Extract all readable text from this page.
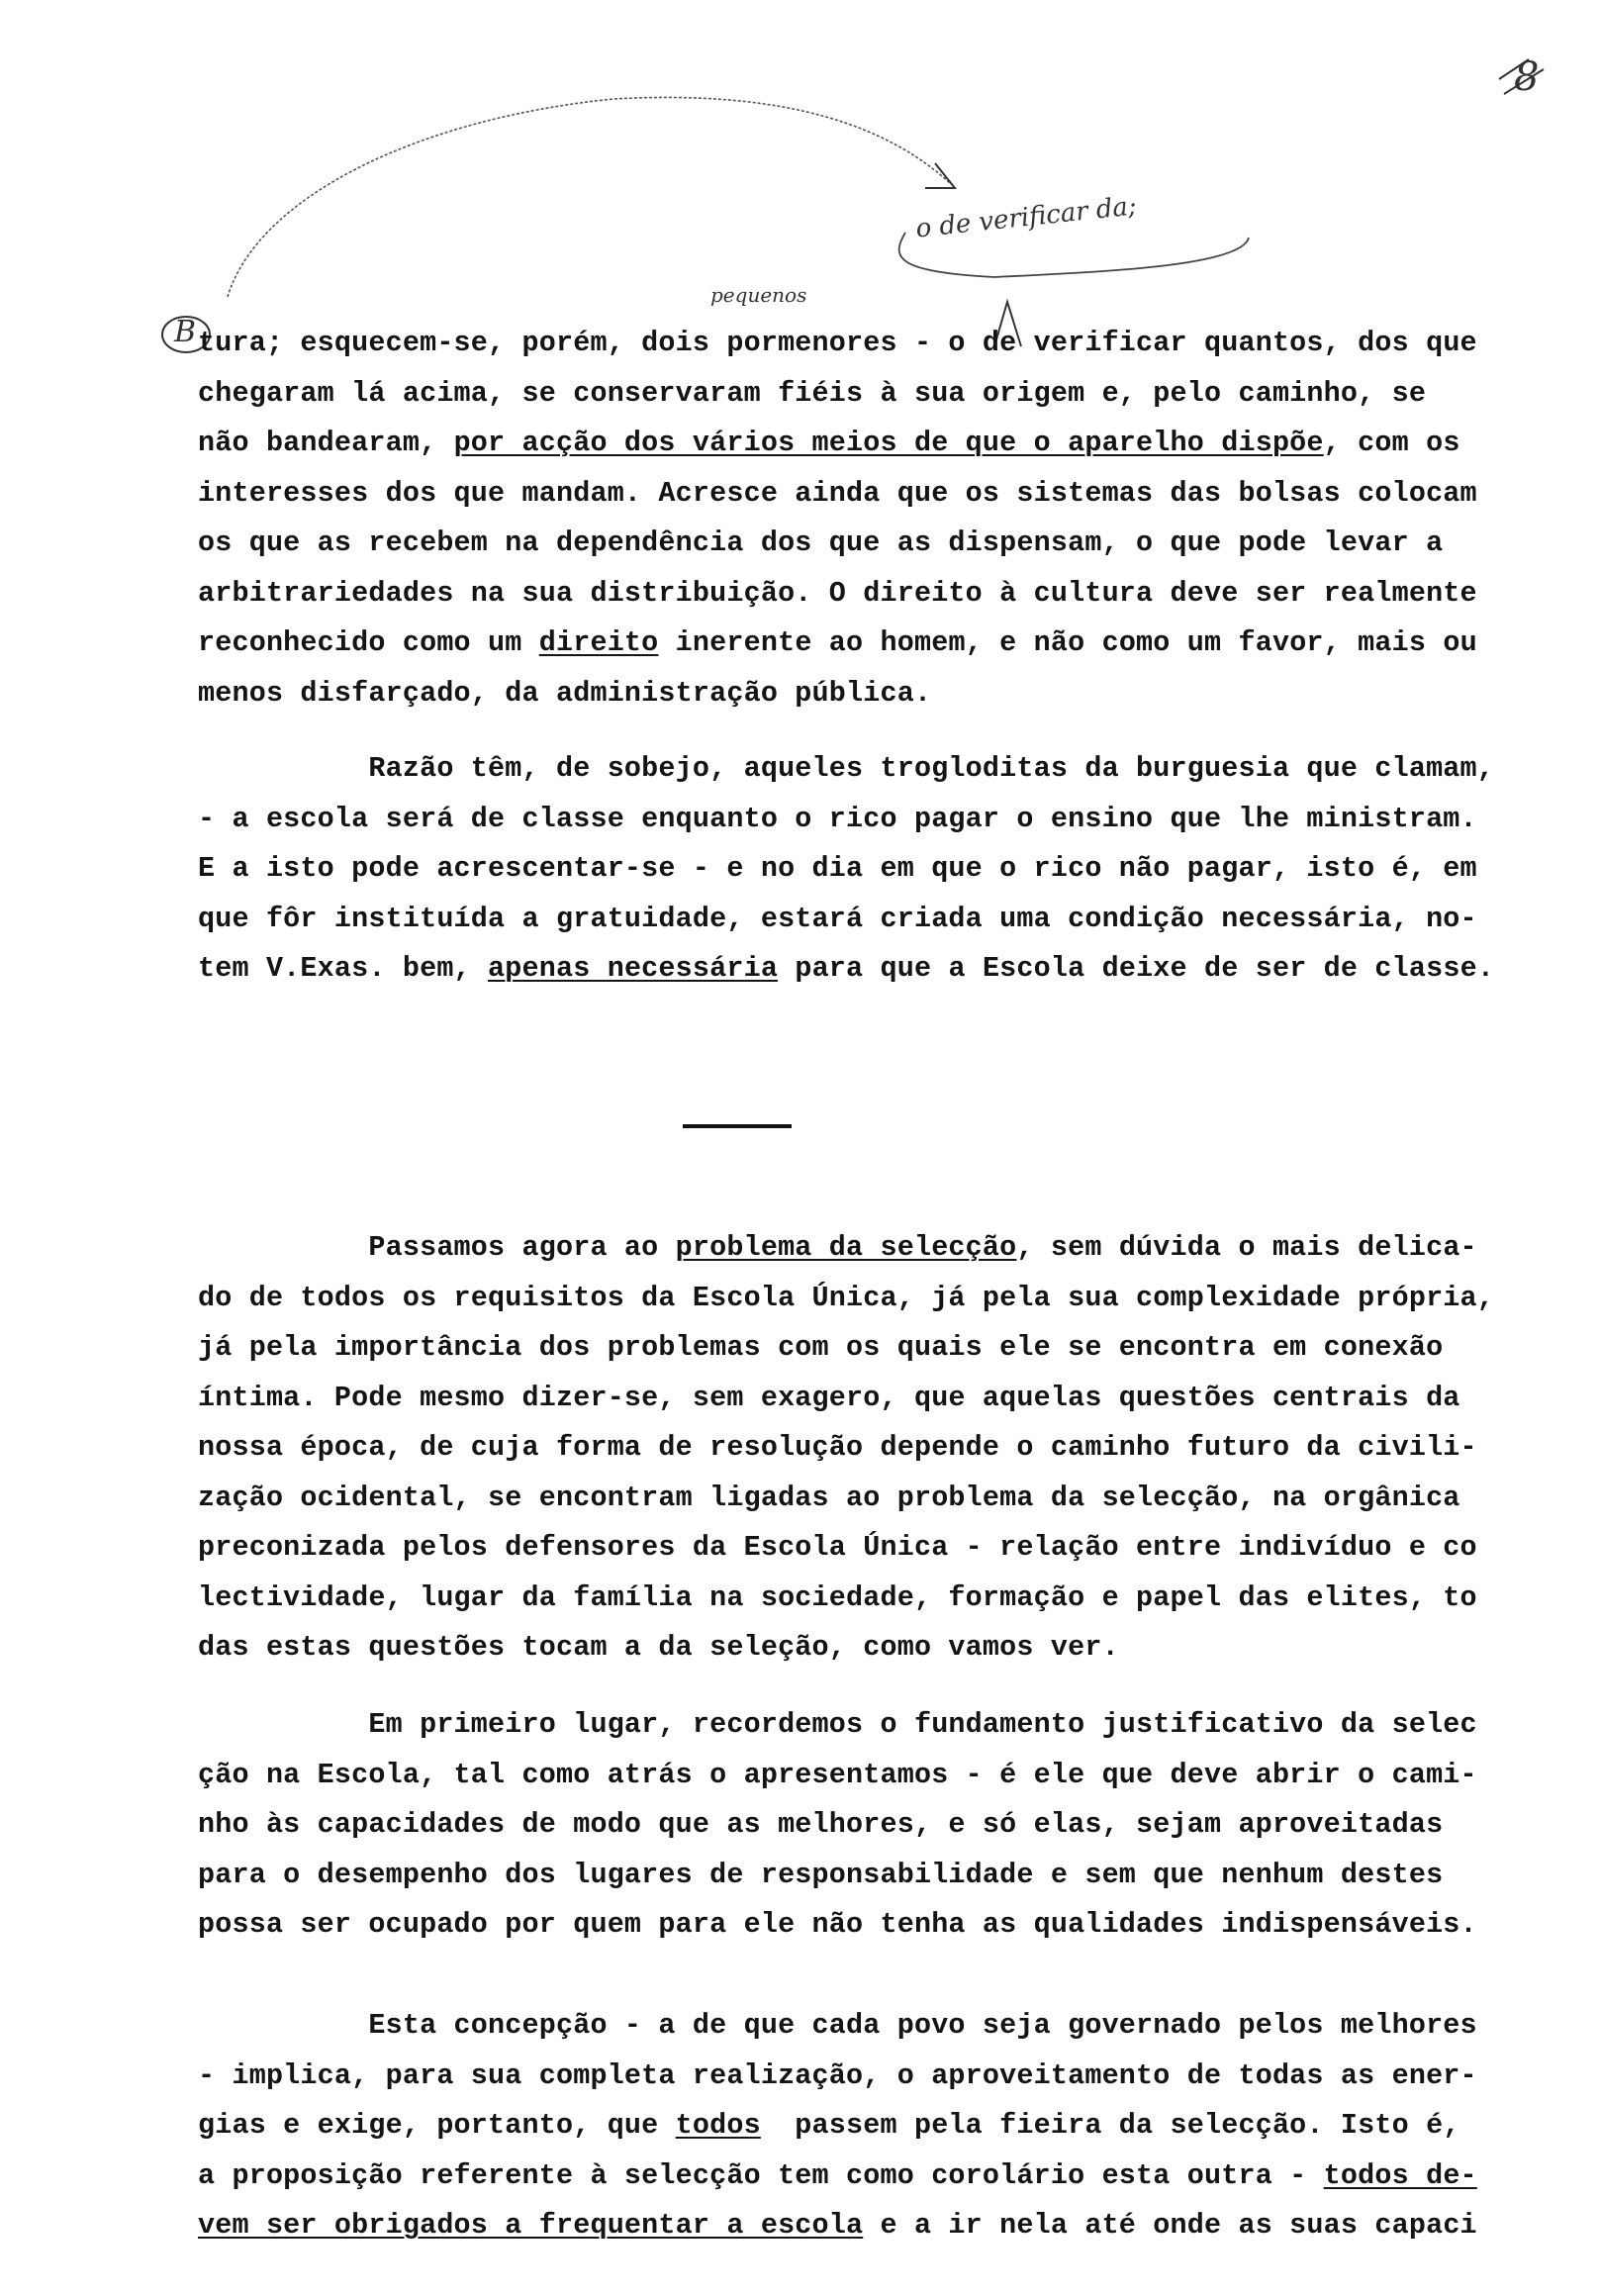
8
B
pequenos
o de verificar da;
tura; esquecem-se, porém, dois pormenores - o de verificar quantos, dos que
chegaram lá acima, se conservaram fiéis à sua origem e, pelo caminho, se
não bandearam, por acção dos vários meios de que o aparelho dispõe, com os
interesses dos que mandam. Acresce ainda que os sistemas das bolsas colocam
os que as recebem na dependência dos que as dispensam, o que pode levar a
arbitrariedades na sua distribuição. O direito à cultura deve ser realmente
reconhecido como um direito inerente ao homem, e não como um favor, mais ou
menos disfarçado, da administração pública.
Razão têm, de sobejo, aqueles trogloditas da burguesia que clamam,
- a escola será de classe enquanto o rico pagar o ensino que lhe ministram.
E a isto pode acrescentar-se - e no dia em que o rico não pagar, isto é, em
que fôr instituída a gratuidade, estará criada uma condição necessária, no-
tem V.Exas. bem, apenas necessária para que a Escola deixe de ser de classe.
Passamos agora ao problema da selecção, sem dúvida o mais delica-
do de todos os requisitos da Escola Única, já pela sua complexidade própria,
já pela importância dos problemas com os quais ele se encontra em conexão
íntima. Pode mesmo dizer-se, sem exagero, que aquelas questões centrais da
nossa época, de cuja forma de resolução depende o caminho futuro da civili-
zação ocidental, se encontram ligadas ao problema da selecção, na orgânica
preconizada pelos defensores da Escola Única - relação entre indivíduo e co
lectividade, lugar da família na sociedade, formação e papel das elites, to
das estas questões tocam a da seleção, como vamos ver.
Em primeiro lugar, recordemos o fundamento justificativo da selec
ção na Escola, tal como atrás o apresentamos - é ele que deve abrir o cami-
nho às capacidades de modo que as melhores, e só elas, sejam aproveitadas
para o desempenho dos lugares de responsabilidade e sem que nenhum destes
possa ser ocupado por quem para ele não tenha as qualidades indispensáveis.
Esta concepção - a de que cada povo seja governado pelos melhores
- implica, para sua completa realização, o aproveitamento de todas as ener-
gias e exige, portanto, que todos  passem pela fieira da selecção. Isto é,
a proposição referente à selecção tem como corolário esta outra - todos de-
vem ser obrigados a frequentar a escola e a ir nela até onde as suas capaci
